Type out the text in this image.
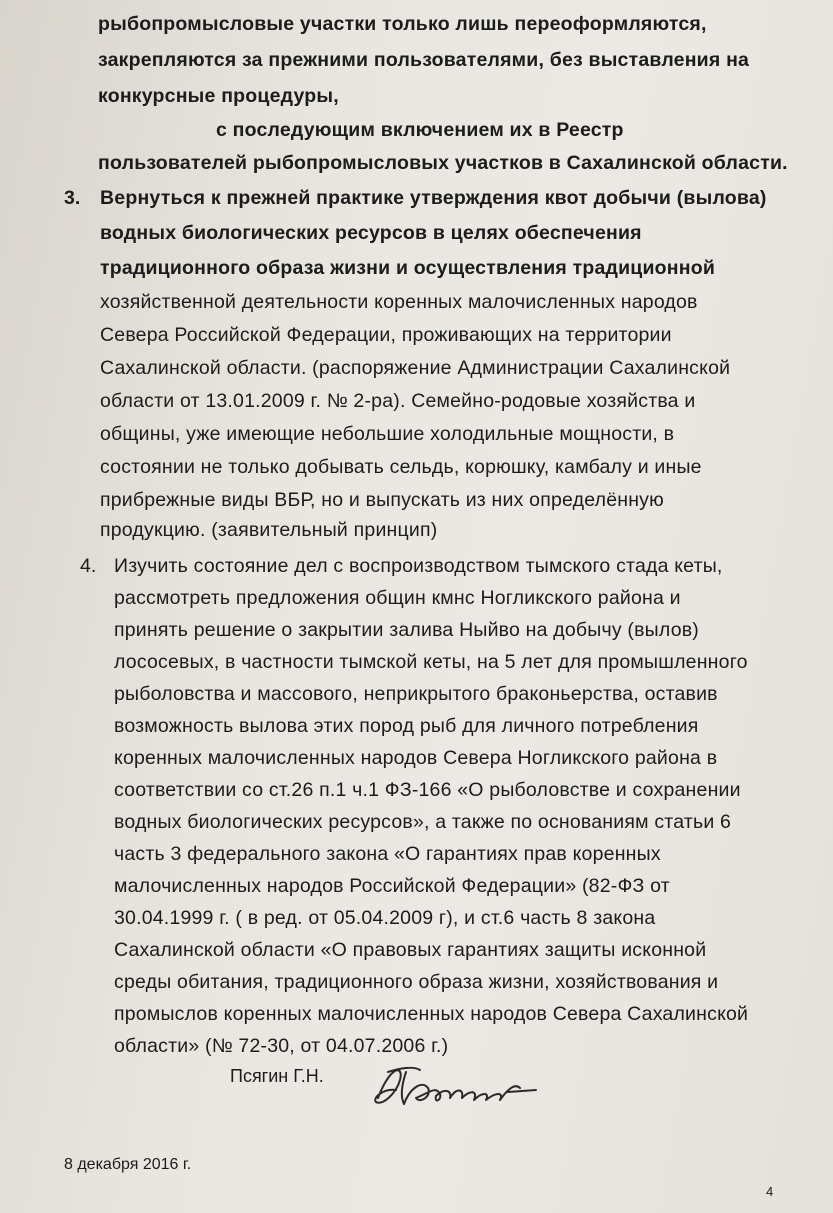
рыбопромысловые участки только лишь переоформляются,
закрепляются за прежними пользователями, без выставления на
конкурсные процедуры,
с последующим включением их в Реестр
пользователей рыбопромысловых участков в Сахалинской области.
3. Вернуться к прежней практике утверждения квот добычи (вылова)
водных биологических ресурсов в целях обеспечения
традиционного образа жизни и осуществления традиционной
хозяйственной деятельности коренных малочисленных народов
Севера Российской Федерации, проживающих на территории
Сахалинской области. (распоряжение Администрации Сахалинской
области от 13.01.2009 г. № 2-ра). Семейно-родовые хозяйства и
общины, уже имеющие небольшие холодильные мощности, в
состоянии не только добывать сельдь, корюшку, камбалу и иные
прибрежные виды ВБР, но и выпускать из них определённую
продукцию. (заявительный принцип)
4. Изучить состояние дел с воспроизводством тымского стада кеты,
рассмотреть предложения общин кмнс Ногликского района и
принять решение о закрытии залива Ныйво на добычу (вылов)
лососевых, в частности тымской кеты, на 5 лет для промышленного
рыболовства и массового, неприкрытого браконьерства, оставив
возможность вылова этих пород рыб для личного потребления
коренных малочисленных народов Севера Ногликского района в
соответствии со ст.26 п.1 ч.1 ФЗ-166 «О рыболовстве и сохранении
водных биологических ресурсов», а также по основаниям статьи 6
часть 3 федерального закона «О гарантиях прав коренных
малочисленных народов Российской Федерации» (82-ФЗ от
30.04.1999 г. ( в ред. от 05.04.2009 г), и ст.6 часть 8 закона
Сахалинской области «О правовых гарантиях защиты исконной
среды обитания, традиционного образа жизни, хозяйствования и
промыслов коренных малочисленных народов Севера Сахалинской
области» (№ 72-30, от 04.07.2006 г.)
Псягин Г.Н.
8 декабря 2016 г.
4
